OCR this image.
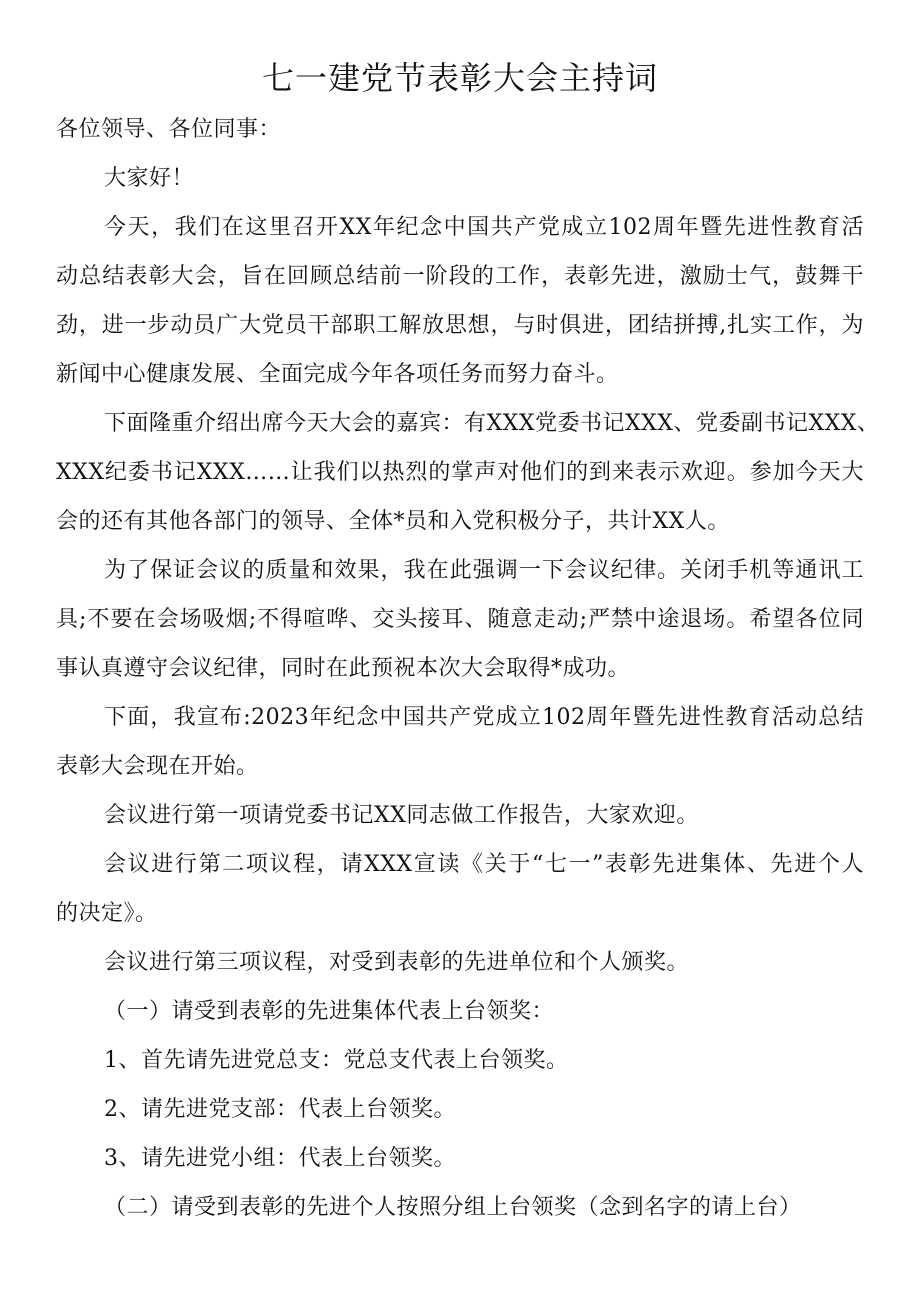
七一建党节表彰大会主持词
各位领导、各位同事：
大家好！
今天，我们在这里召开XX年纪念中国共产党成立102周年暨先进性教育活
动总结表彰大会，旨在回顾总结前一阶段的工作，表彰先进，激励士气，鼓舞干
劲，进一步动员广大党员干部职工解放思想，与时俱进，团结拼搏,扎实工作，为
新闻中心健康发展、全面完成今年各项任务而努力奋斗。
下面隆重介绍出席今天大会的嘉宾：有XXX党委书记XXX、党委副书记XXX、
XXX纪委书记XXX……让我们以热烈的掌声对他们的到来表示欢迎。参加今天大
会的还有其他各部门的领导、全体*员和入党积极分子，共计XX人。
为了保证会议的质量和效果，我在此强调一下会议纪律。关闭手机等通讯工
具;不要在会场吸烟;不得喧哗、交头接耳、随意走动;严禁中途退场。希望各位同
事认真遵守会议纪律，同时在此预祝本次大会取得*成功。
下面，我宣布:2023年纪念中国共产党成立102周年暨先进性教育活动总结
表彰大会现在开始。
会议进行第一项请党委书记XX同志做工作报告，大家欢迎。
会议进行第二项议程，请XXX宣读《关于“七一”表彰先进集体、先进个人
的决定》。
会议进行第三项议程，对受到表彰的先进单位和个人颁奖。
（一）请受到表彰的先进集体代表上台领奖：
1、首先请先进党总支：党总支代表上台领奖。
2、请先进党支部：代表上台领奖。
3、请先进党小组：代表上台领奖。
（二）请受到表彰的先进个人按照分组上台领奖（念到名字的请上台）
